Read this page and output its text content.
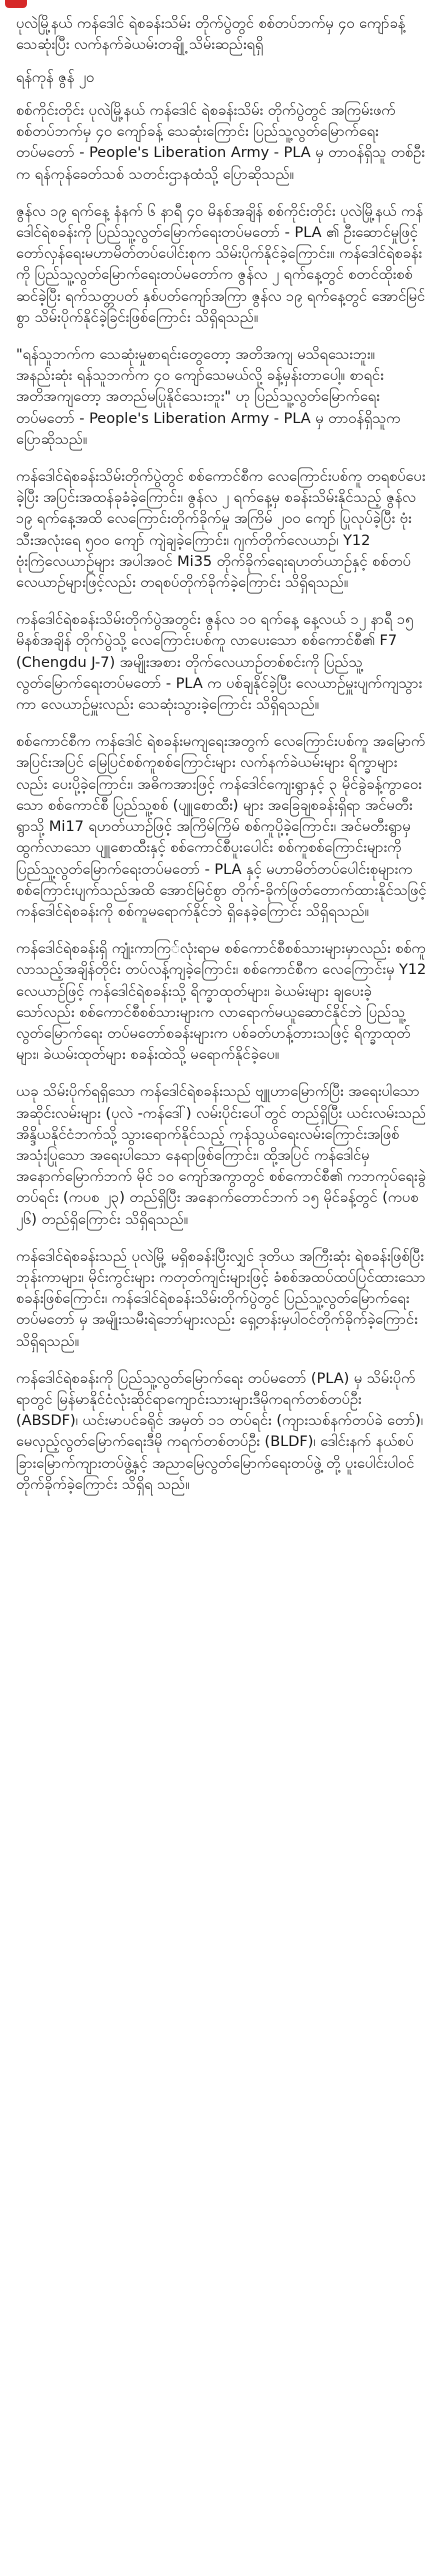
ပုလဲမြို့နယ် ကန်ဒေါင် ရဲစခန်းသိမ်း တိုက်ပွဲတွင် စစ်တပ်ဘက်မှ ၄၀ ကျော်ခန့် သေဆုံးပြီး လက်နက်ခဲယမ်းတချို့ သိမ်းဆည်းရရှိ

ရန်ကုန် ဇွန် ၂၀

စစ်ကိုင်းတိုင်း ပုလဲမြို့နယ် ကန်ဒေါင် ရဲစခန်းသိမ်း တိုက်ပွဲတွင် အကြမ်းဖက် စစ်တပ်ဘက်မှ ၄၀ ကျော်ခန့် သေဆုံးကြောင်း ပြည်သူ့လွတ်မြောက်ရေးတပ်မတော် - People's Liberation Army - PLA မှ တာဝန်ရှိသူ တစ်ဦးက ရန်ကုန်ခေတ်သစ် သတင်းဌာနထံသို့ ပြောဆိုသည်။

ဇွန်လ ၁၉ ရက်နေ့ နံနက် ၆ နာရီ ၄၀ မိနစ်အချိန် စစ်ကိုင်းတိုင်း ပုလဲမြို့နယ် ကန်ဒေါင်ရဲစခန်းကို ပြည်သူ့လွတ်မြောက်ရေးတပ်မတော် - PLA ၏ ဦးဆောင်မှုဖြင့် တော်လှန်ရေးမဟာမိတ်တပ်ပေါင်းစုက သိမ်းပိုက်နိုင်ခဲ့ကြောင်း။ ကန်ဒေါင်ရဲစခန်းကို ပြည်သူ့လွတ်မြောက်ရေးတပ်မတော်က ဇွန်လ ၂ ရက်နေ့တွင် စတင်ထိုးစစ်ဆင်ခဲ့ပြီး ရက်သတ္တပတ် နှစ်ပတ်ကျော်အကြာ ဇွန်လ ၁၉ ရက်နေ့တွင် အောင်မြင်စွာ သိမ်းပိုက်နိုင်ခဲ့ခြင်းဖြစ်ကြောင်း သိရှိရသည်။

"ရန်သူဘက်က သေဆုံးမှုစာရင်းတွေတော့ အတိအကျ မသိရသေးဘူး။ အနည်းဆုံး ရန်သူဘက်က ၄၀ ကျော်သေမယ်လို့ ခန့်မှန်းတာပေါ့။ စာရင်း အတိအကျတော့ အတည်မပြုနိုင်သေးဘူး" ဟု ပြည်သူ့လွတ်မြောက်ရေး တပ်မတော် - People's Liberation Army - PLA မှ တာဝန်ရှိသူက ပြောဆိုသည်။

ကန်ဒေါင်ရဲစခန်းသိမ်းတိုက်ပွဲတွင် စစ်ကောင်စီက လေကြောင်းပစ်ကူ တရစပ်ပေးခဲ့ပြီး အပြင်းအထန်ခုခံခဲ့ကြောင်း၊ ဇွန်လ ၂ ရက်နေ့မှ စခန်းသိမ်းနိုင်သည့် ဇွန်လ ၁၉ ရက်နေ့အထိ လေကြောင်းတိုက်ခိုက်မှု အကြိမ် ၂၀၀ ကျော် ပြုလုပ်ခဲ့ပြီး ဗုံးသီးအလုံးရေ ၅၀၀ ကျော် ကျဲချခဲ့ကြောင်း၊ ဂျက်တိုက်လေယာဉ်၊ Y12 ဗုံးကြဲလေယာဉ်များ အပါအဝင် Mi35 တိုက်ခိုက်ရေးရဟတ်ယာဉ်နှင့် စစ်တပ်လေယာဉ်များဖြင့်လည်း တရစပ်တိုက်ခိုက်ခဲ့ကြောင်း သိရှိရသည်။

ကန်ဒေါင်ရဲစခန်းသိမ်းတိုက်ပွဲအတွင်း ဇွန်လ ၁၀ ရက်နေ့ နေ့လယ် ၁၂ နာရီ ၁၅ မိနစ်အချိန် တိုက်ပွဲသို့ လေကြောင်းပစ်ကူ လာပေးသော စစ်ကောင်စီ၏ F7 (Chengdu J-7) အမျိုးအစား တိုက်လေယာဉ်တစ်စင်းကို ပြည်သူ့လွတ်မြောက်ရေးတပ်မတော် - PLA က ပစ်ချနိုင်ခဲ့ပြီး လေယာဉ်မှူးပျက်ကျသွားကာ လေယာဉ်မှူးလည်း သေဆုံးသွားခဲ့ကြောင်း သိရှိရသည်။

စစ်ကောင်စီက ကန်ဒေါင် ရဲစခန်းမကျရေးအတွက် လေကြောင်းပစ်ကူ အမြောက်အပြင်းအပြင် မြေပြင်စစ်ကူစစ်ကြောင်းများ လက်နက်ခဲယမ်းများ ရိက္ခာများလည်း ပေးပို့ခဲ့ကြောင်း၊ အဓိကအားဖြင့် ကန်ဒေါင်ကျေးရွာနှင့် ၃ မိုင်ခွဲခန့်ကွာဝေးသော စစ်ကောင်စီ ပြည်သူ့စစ် (ပျူစောထီး) များ အခြေချစခန်းရှိရာ အင်မတီး ရွာသို့ Mi17 ရဟတ်ယာဉ်ဖြင့် အကြိမ်ကြိမ် စစ်ကူပို့ခဲ့ကြောင်း၊ အင်မတီးရွာမှ ထွက်လာသော ပျူစောထီးနှင့် စစ်ကောင်စီပူးပေါင်း စစ်ကူစစ်ကြောင်းများကို ပြည်သူ့လွတ်မြောက်ရေးတပ်မတော် - PLA နှင့် မဟာမိတ်တပ်ပေါင်းစုများက စစ်ကြောင်းပျက်သည်အထိ အောင်မြင်စွာ တိုက်-ခိုက်ဖြတ်တောက်ထားနိုင်သဖြင့် ကန်ဒေါင်ရဲစခန်းကို စစ်ကူမရောက်နိုင်ဘဲ ရှိနေခဲ့ကြောင်း သိရှိရသည်။

ကန်ဒေါင်ရဲစခန်းရှိ ကျုံးကာကြ်လုံးရာမ စစ်ကောင်စီစစ်သားများမှာလည်း စစ်ကူလာသည့်အချိန်တိုင်း တပ်လန့်ကျခဲ့ကြောင်း၊ စစ်ကောင်စီက လေကြောင်းမှ Y12 လေယာဉ်ဖြင့် ကန်ဒေါင်ရဲစခန်းသို့ ရိက္ခာထုတ်များ၊ ခဲယမ်းများ ချပေးခဲ့သော်လည်း စစ်ကောင်စီစစ်သားများက လာရောက်မယူဆောင်နိုင်ဘဲ ပြည်သူ့လွတ်မြောက်ရေး တပ်မတော်စခန်းများက ပစ်ခတ်ဟန့်တားသဖြင့် ရိက္ခာထုတ်များ၊ ခဲယမ်းထုတ်များ စခန်းထဲသို့ မရောက်နိုင်ခဲ့ပေ။

ယခု သိမ်းပိုက်ရရှိသော ကန်ဒေါင်ရဲစခန်းသည် ဗျူဟာမြောက်ပြီး အရေးပါသော အဆိုင်းလမ်းများ (ပုလဲ -ကန်ဒေါ်) လမ်းပိုင်းပေါ်တွင် တည်ရှိပြီး ယင်းလမ်းသည် အိန္ဒိယနိုင်ငံဘက်သို့ သွားရောက်နိုင်သည့် ကုန်သွယ်ရေးလမ်းကြောင်းအဖြစ် အသုံးပြုသော အရေးပါသော နေရာဖြစ်ကြောင်း၊ ထို့အပြင် ကန်ဒေါင်မှ အနောက်မြောက်ဘက် မိုင် ၁၀ ကျော်အကွာတွင် စစ်ကောင်စီ၏ ကဘကုပ်ရေးခွဲတပ်ရင်း (ကပစ ၂၃) တည်ရှိပြီး အနောက်တောင်ဘက် ၁၅ မိုင်ခန့်တွင် (ကပစ ၂၆) တည်ရှိကြောင်း သိရှိရသည်။

ကန်ဒေါင်ရဲစခန်းသည် ပုလဲမြို့ မရှိစခန်းပြီးလျှင် ဒုတိယ အကြီးဆုံး ရဲစခန်းဖြစ်ပြီး ဘုန်းကာများ၊ မိုင်းကွင်းများ ကတုတ်ကျင်းများဖြင့် ခံစစ်အထပ်ထပ်ပြင်ထားသောစခန်းဖြစ်ကြောင်း၊ ကန်ဒေါင်ရဲစခန်းသိမ်းတိုက်ပွဲတွင် ပြည်သူ့လွတ်မြောက်ရေးတပ်မတော် မှ အမျိုးသမီးရဲဘော်များလည်း ရှေ့တန်းမှပါဝင်တိုက်ခိုက်ခဲ့ကြောင်း သိရှိရသည်။

ကန်ဒေါင်ရဲစခန်းကို ပြည်သူ့လွတ်မြောက်ရေး တပ်မတော် (PLA) မှ သိမ်းပိုက်ရာတွင် မြန်မာနိုင်ငံလုံးဆိုင်ရာကျောင်းသားများဒီမိုကရက်တစ်တပ်ဦး (ABSDF)၊ ယင်းမာပင်ခရိုင် အမှတ် ၁၁ တပ်ရင်း (ကျားသစ်နက်တပ်ခဲ တော်)၊ မေလှည့်လွတ်မြောက်ရေးဒီမို ကရက်တစ်တပ်ဦး (BLDF)၊ ဒေါင်းနက် နယ်စပ်ခြားမြောက်ကျားတပ်ဖွဲ့နှင့် အညာမြေလွတ်မြောက်ရေးတပ်ဖွဲ့ တို့ ပူးပေါင်းပါဝင်တိုက်ခိုက်ခဲ့ကြောင်း သိရှိရ သည်။
